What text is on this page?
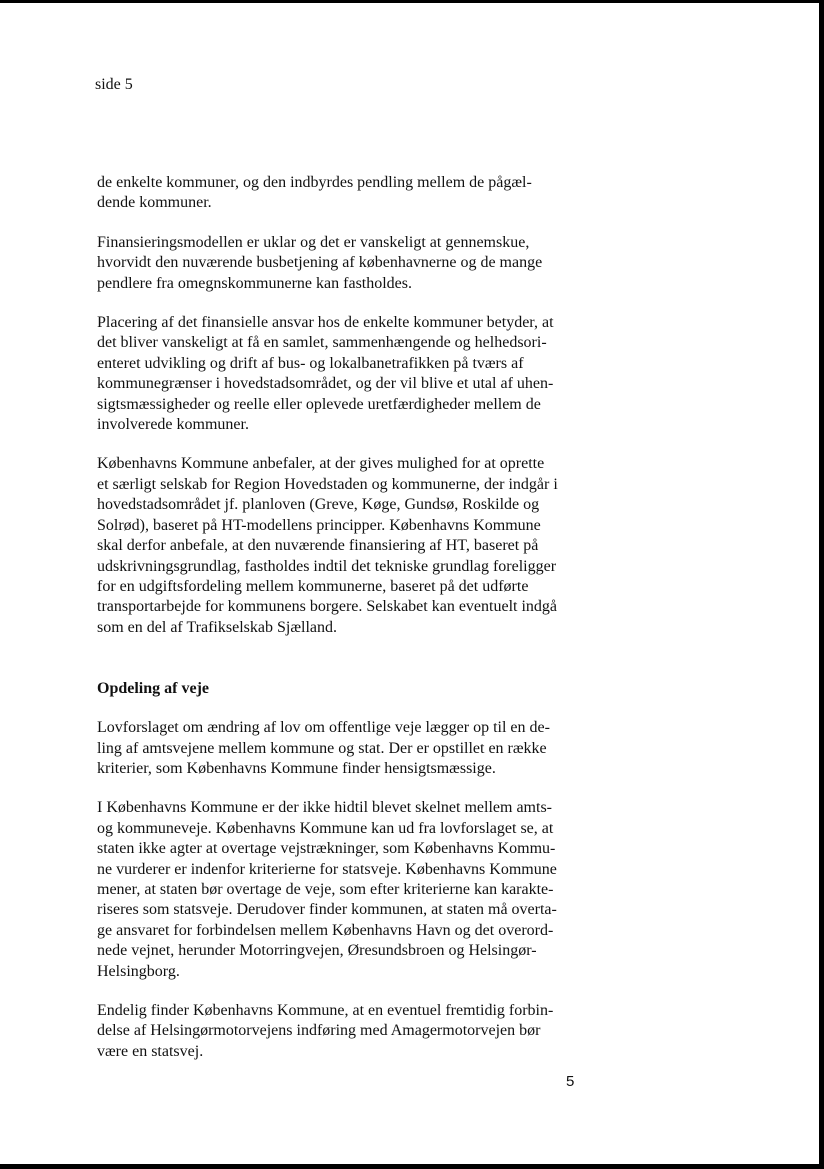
side 5

de enkelte kommuner, og den indbyrdes pendling mellem de pågæl-
dende kommuner.

Finansieringsmodellen er uklar og det er vanskeligt at gennemskue,
hvorvidt den nuværende busbetjening af københavnerne og de mange
pendlere fra omegnskommunerne kan fastholdes.

Placering af det finansielle ansvar hos de enkelte kommuner betyder, at
det bliver vanskeligt at få en samlet, sammenhængende og helhedsori-
enteret udvikling og drift af bus- og lokalbanetrafikken på tværs af
kommunegrænser i hovedstadsområdet, og der vil blive et utal af uhen-
sigtsmæssigheder og reelle eller oplevede uretfærdigheder mellem de
involverede kommuner.

Københavns Kommune anbefaler, at der gives mulighed for at oprette
et særligt selskab for Region Hovedstaden og kommunerne, der indgår i
hovedstadsområdet jf. planloven (Greve, Køge, Gundsø, Roskilde og
Solrød), baseret på HT-modellens principper. Københavns Kommune
skal derfor anbefale, at den nuværende finansiering af HT, baseret på
udskrivningsgrundlag, fastholdes indtil det tekniske grundlag foreligger
for en udgiftsfordeling mellem kommunerne, baseret på det udførte
transportarbejde for kommunens borgere. Selskabet kan eventuelt indgå
som en del af Trafikselskab Sjælland.

Opdeling af veje

Lovforslaget om ændring af lov om offentlige veje lægger op til en de-
ling af amtsvejene mellem kommune og stat. Der er opstillet en række
kriterier, som Københavns Kommune finder hensigtsmæssige.

I Københavns Kommune er der ikke hidtil blevet skelnet mellem amts-
og kommuneveje. Københavns Kommune kan ud fra lovforslaget se, at
staten ikke agter at overtage vejstrækninger, som Københavns Kommu-
ne vurderer er indenfor kriterierne for statsveje. Københavns Kommune
mener, at staten bør overtage de veje, som efter kriterierne kan karakte-
riseres som statsveje. Derudover finder kommunen, at staten må overta-
ge ansvaret for forbindelsen mellem Københavns Havn og det overord-
nede vejnet, herunder Motorringvejen, Øresundsbroen og Helsingør-
Helsingborg.

Endelig finder Københavns Kommune, at en eventuel fremtidig forbin-
delse af Helsingørmotorvejens indføring med Amagermotorvejen bør
være en statsvej.

5
